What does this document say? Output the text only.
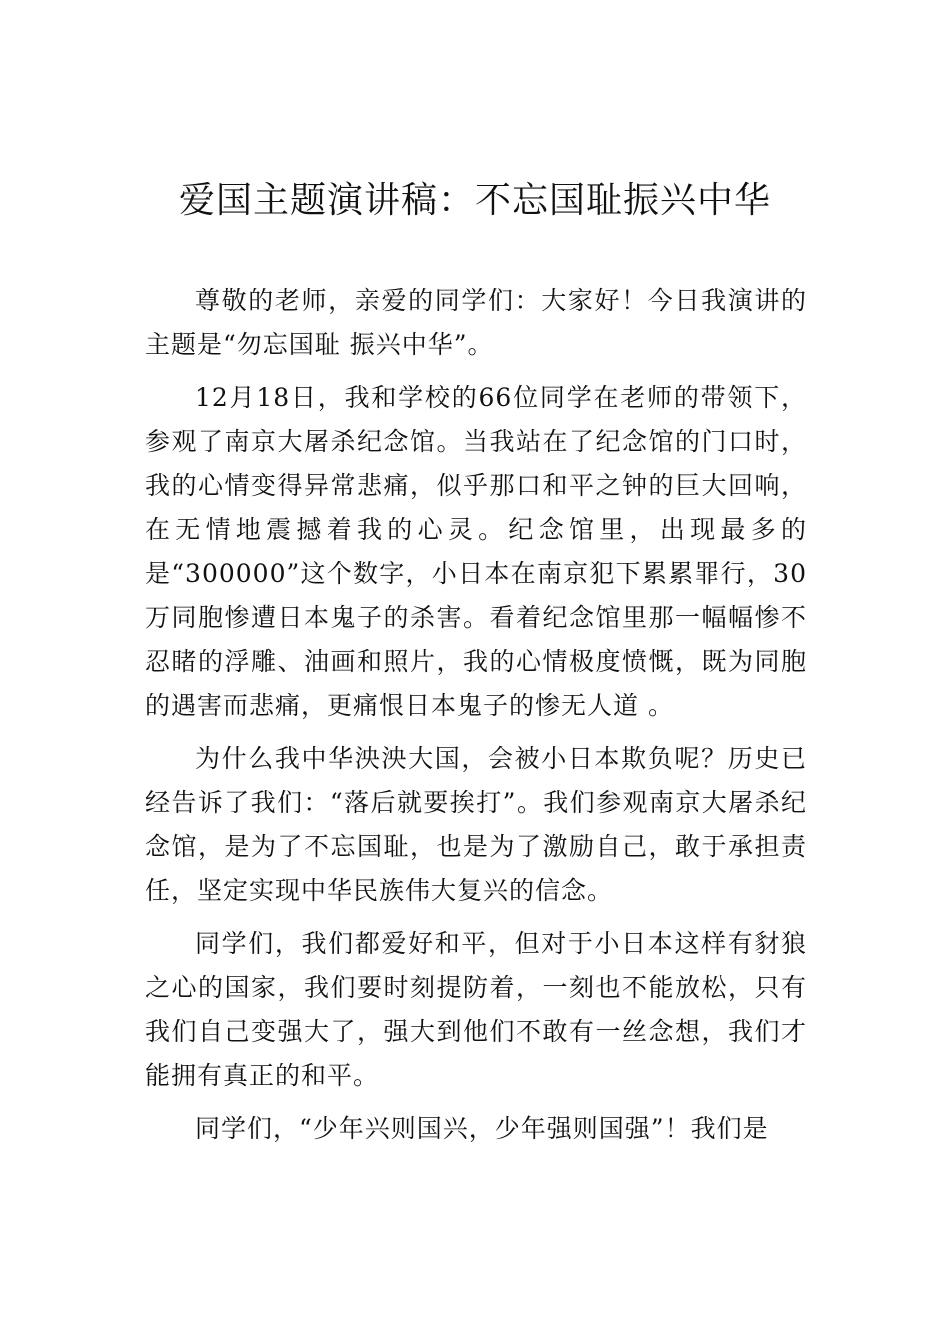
爱国主题演讲稿：不忘国耻振兴中华

尊敬的老师，亲爱的同学们：大家好！今日我演讲的主题是“勿忘国耻 振兴中华”。

12月18日，我和学校的66位同学在老师的带领下，参观了南京大屠杀纪念馆。当我站在了纪念馆的门口时，我的心情变得异常悲痛，似乎那口和平之钟的巨大回响，在无情地震撼着我的心灵。纪念馆里，出现最多的是“300000”这个数字，小日本在南京犯下累累罪行，30万同胞惨遭日本鬼子的杀害。看着纪念馆里那一幅幅惨不忍睹的浮雕、油画和照片，我的心情极度愤慨，既为同胞的遇害而悲痛，更痛恨日本鬼子的惨无人道 。

为什么我中华泱泱大国，会被小日本欺负呢？历史已经告诉了我们：“落后就要挨打”。我们参观南京大屠杀纪念馆，是为了不忘国耻，也是为了激励自己，敢于承担责任，坚定实现中华民族伟大复兴的信念。

同学们，我们都爱好和平，但对于小日本这样有豺狼之心的国家，我们要时刻提防着，一刻也不能放松，只有我们自己变强大了，强大到他们不敢有一丝念想，我们才能拥有真正的和平。

同学们，“少年兴则国兴，少年强则国强”！我们是
